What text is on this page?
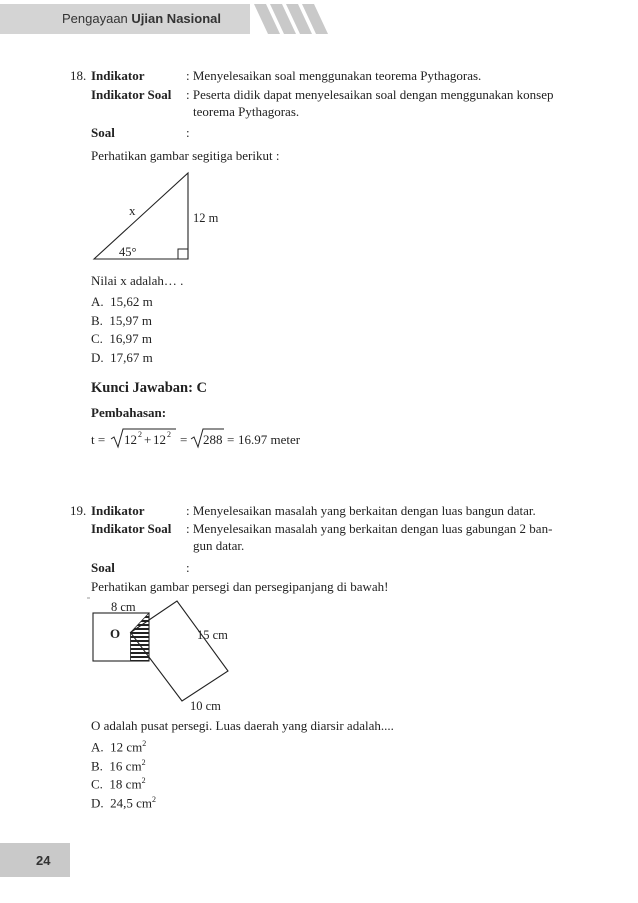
Pengayaan Ujian Nasional
18. Indikator	: Menyelesaikan soal menggunakan teorema Pythagoras.
Indikator Soal : Peserta didik dapat menyelesaikan soal dengan menggunakan konsep
teorema Pythagoras.
Soal	:
Perhatikan gambar segitiga berikut :
x	12 m
45°
Nilai x adalah… .
A. 15,62 m
B. 15,97 m
C. 16,97 m
D. 17,67 m
Kunci Jawaban: C
Pembahasan:
t = 12 2 + 12 2 = 288 = 16.97 meter
19. Indikator	: Menyelesaikan masalah yang berkaitan dengan luas bangun datar.
Indikator Soal : Menyelesaikan masalah yang berkaitan dengan luas gabungan 2 ban-
gun datar.
Soal	:
Perhatikan gambar persegi dan persegipanjang di bawah!
8 cm
O	15 cm
10 cm
O adalah pusat persegi. Luas daerah yang diarsir adalah....
A. 12 $cm^2$
B. 16 $cm^2$
C. 18 $cm^2$
D. 24,5 $cm^2$
24
